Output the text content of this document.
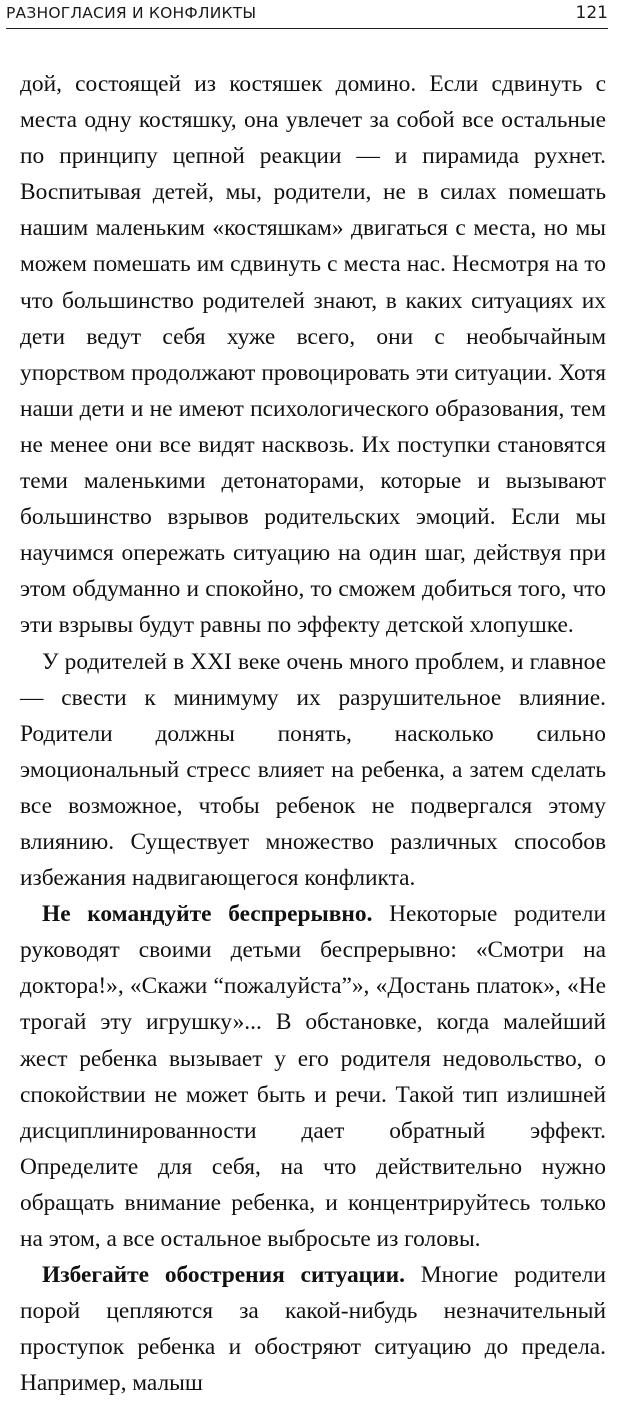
РАЗНОГЛАСИЯ И КОНФЛИКТЫ	121

дой, состоящей из костяшек домино. Если сдвинуть с места одну костяшку, она увлечет за собой все остальные по принципу цепной реакции — и пирамида рухнет. Воспитывая детей, мы, родители, не в силах помешать нашим маленьким «костяшкам» двигаться с места, но мы можем помешать им сдвинуть с места нас. Несмотря на то что большинство родителей знают, в каких ситуациях их дети ведут себя хуже всего, они с необычайным упорством продолжают провоцировать эти ситуации. Хотя наши дети и не имеют психологического образования, тем не менее они все видят насквозь. Их поступки становятся теми маленькими детонаторами, которые и вызывают большинство взрывов родительских эмоций. Если мы научимся опережать ситуацию на один шаг, действуя при этом обдуманно и спокойно, то сможем добиться того, что эти взрывы будут равны по эффекту детской хлопушке.

У родителей в XXI веке очень много проблем, и главное — свести к минимуму их разрушительное влияние. Родители должны понять, насколько сильно эмоциональный стресс влияет на ребенка, а затем сделать все возможное, чтобы ребенок не подвергался этому влиянию. Существует множество различных способов избежания надвигающегося конфликта.

Не командуйте беспрерывно. Некоторые родители руководят своими детьми беспрерывно: «Смотри на доктора!», «Скажи “пожалуйста”», «Достань платок», «Не трогай эту игрушку»... В обстановке, когда малейший жест ребенка вызывает у его родителя недовольство, о спокойствии не может быть и речи. Такой тип излишней дисциплинированности дает обратный эффект. Определите для себя, на что действительно нужно обращать внимание ребенка, и концентрируйтесь только на этом, а все остальное выбросьте из головы.

Избегайте обострения ситуации. Многие родители порой цепляются за какой-нибудь незначительный проступок ребенка и обостряют ситуацию до предела. Например, малыш
